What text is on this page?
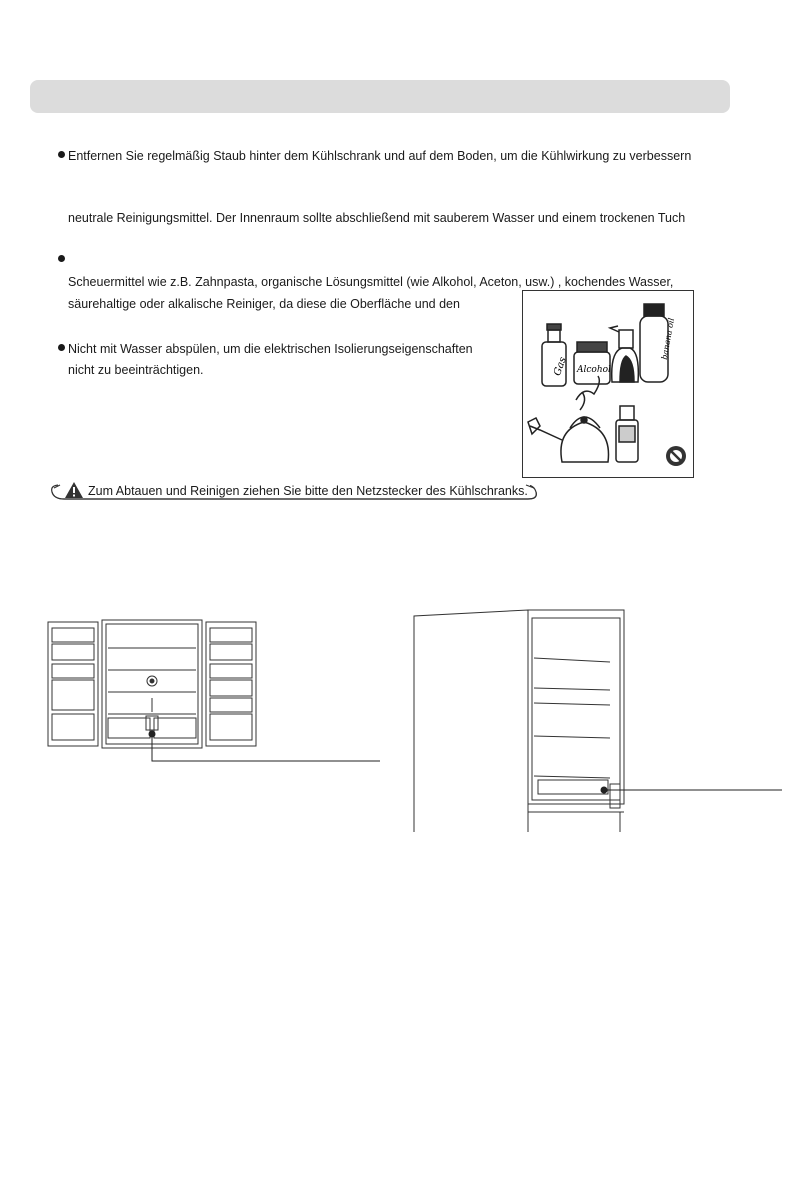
Entfernen Sie regelmäßig Staub hinter dem Kühlschrank und auf dem Boden, um die Kühlwirkung zu verbessern
neutrale Reinigungsmittel. Der Innenraum sollte abschließend mit sauberem Wasser und einem trockenen Tuch
Scheuermittel wie z.B. Zahnpasta, organische Lösungsmittel (wie Alkohol, Aceton, usw.) , kochendes Wasser,
säurehaltige oder alkalische Reiniger, da diese die Oberfläche und den
Nicht mit Wasser abspülen, um die elektrischen Isolierungseigenschaften
nicht zu beeinträchtigen.	Gas Alcohol
banana oil
Zum Abtauen und Reinigen ziehen Sie bitte den Netzstecker des Kühlschranks.
